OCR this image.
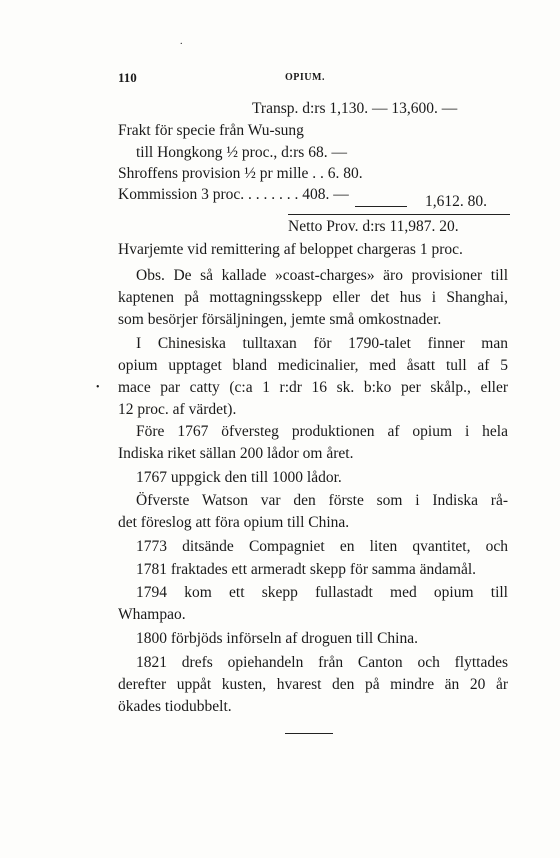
.
110	OPIUM.
Transp. d:rs 1,130. — 13,600. —
Frakt för specie från Wu-sung
till Hongkong ½ proc., d:rs 68. —
Shroffens provision ½ pr mille . . 6. 80.
Kommission 3 proc. . . . . . . . 408. —	1,612. 80.
Netto Prov. d:rs 11,987. 20.
Hvarjemte vid remittering af beloppet chargeras 1 proc.
Obs. De så kallade »coast-charges» äro provisioner till
kaptenen på mottagningsskepp eller det hus i Shanghai,
som besörjer försäljningen, jemte små omkostnader.
I Chinesiska tulltaxan för 1790-talet finner man
opium upptaget bland medicinalier, med åsatt tull af 5
mace par catty (c:a 1 r:dr 16 sk. b:ko per skålp., eller
•
12 proc. af värdet).
Före 1767 öfversteg produktionen af opium i hela
Indiska riket sällan 200 lådor om året.
1767 uppgick den till 1000 lådor.
Öfverste Watson var den förste som i Indiska rå-
det föreslog att föra opium till China.
1773 ditsände Compagniet en liten qvantitet, och
1781 fraktades ett armeradt skepp för samma ändamål.
1794 kom ett skepp fullastadt med opium till
Whampao.
1800 förbjöds införseln af droguen till China.
1821 drefs opiehandeln från Canton och flyttades
derefter uppåt kusten, hvarest den på mindre än 20 år
ökades tiodubbelt.
